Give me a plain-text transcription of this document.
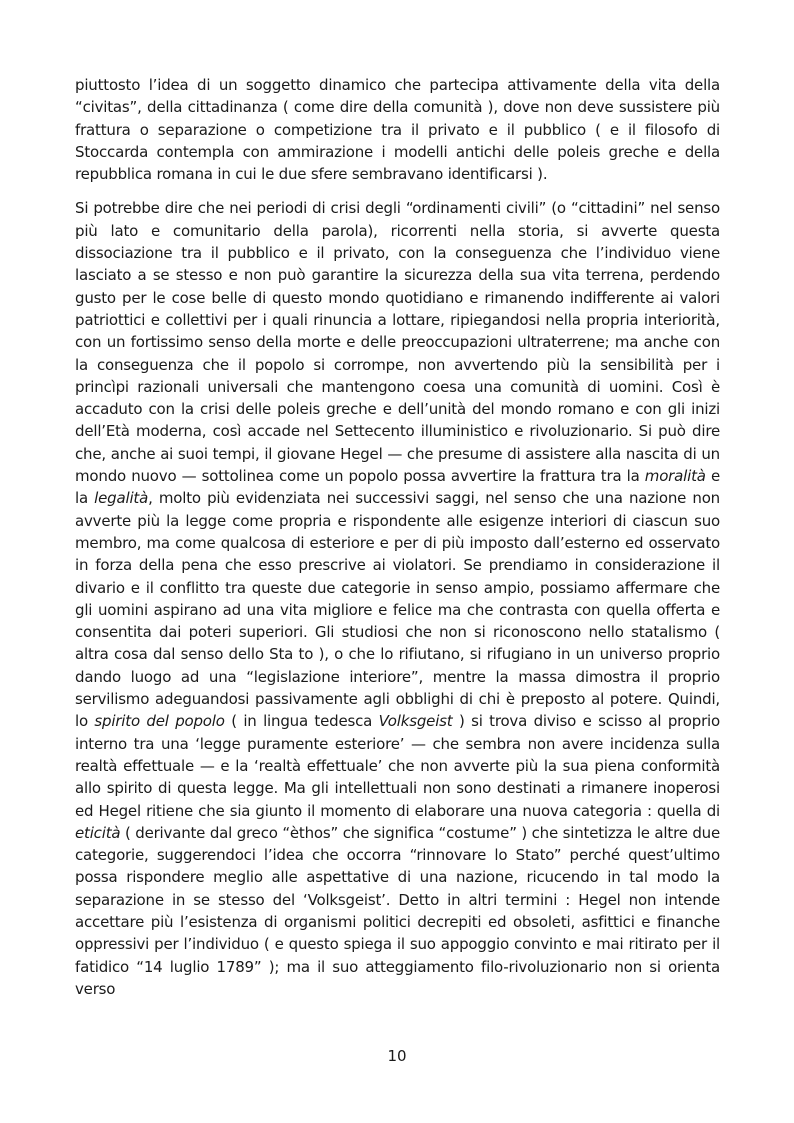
piuttosto l’idea di un soggetto dinamico che partecipa attivamente della vita della “civitas”, della cittadinanza ( come dire della comunità ), dove non deve sussistere più frattura o separazione o competizione tra il privato e il pubblico ( e il filosofo di Stoccarda contempla con ammirazione i modelli antichi delle poleis greche e della repubblica romana in cui le due sfere sembravano identificarsi ).

Si potrebbe dire che nei periodi di crisi degli “ordinamenti civili” (o “cittadini” nel senso più lato e comunitario della parola), ricorrenti nella storia, si avverte questa dissociazione tra il pubblico e il privato, con la conseguenza che l’individuo viene lasciato a se stesso e non può garantire la sicurezza della sua vita terrena, perdendo gusto per le cose belle di questo mondo quotidiano e rimanendo indifferente ai valori patriottici e collettivi per i quali rinuncia a lottare, ripiegandosi nella propria interiorità, con un fortissimo senso della morte e delle preoccupazioni ultraterrene; ma anche con la conseguenza che il popolo si corrompe, non avvertendo più la sensibilità per i princìpi razionali universali che mantengono coesa una comunità di uomini. Così è accaduto con la crisi delle poleis greche e dell’unità del mondo romano e con gli inizi dell’Età moderna, così accade nel Settecento illuministico e rivoluzionario. Si può dire che, anche ai suoi tempi, il giovane Hegel — che presume di assistere alla nascita di un mondo nuovo — sottolinea come un popolo possa avvertire la frattura tra la moralità e la legalità, molto più evidenziata nei successivi saggi, nel senso che una nazione non avverte più la legge come propria e rispondente alle esigenze interiori di ciascun suo membro, ma come qualcosa di esteriore e per di più imposto dall’esterno ed osservato in forza della pena che esso prescrive ai violatori. Se prendiamo in considerazione il divario e il conflitto tra queste due categorie in senso ampio, possiamo affermare che gli uomini aspirano ad una vita migliore e felice ma che contrasta con quella offerta e consentita dai poteri superiori. Gli studiosi che non si riconoscono nello statalismo ( altra cosa dal senso dello Sta to ), o che lo rifiutano, si rifugiano in un universo proprio dando luogo ad una “legislazione interiore”, mentre la massa dimostra il proprio servilismo adeguandosi passivamente agli obblighi di chi è preposto al potere. Quindi, lo spirito del popolo ( in lingua tedesca Volksgeist ) si trova diviso e scisso al proprio interno tra una ‘legge puramente esteriore’ — che sembra non avere incidenza sulla realtà effettuale — e la ‘realtà effettuale’ che non avverte più la sua piena conformità allo spirito di questa legge. Ma gli intellettuali non sono destinati a rimanere inoperosi ed Hegel ritiene che sia giunto il momento di elaborare una nuova categoria : quella di eticità ( derivante dal greco “èthos” che significa “costume” ) che sintetizza le altre due categorie, suggerendoci l’idea che occorra “rinnovare lo Stato” perché quest’ultimo possa rispondere meglio alle aspettative di una nazione, ricucendo in tal modo la separazione in se stesso del ‘Volksgeist’. Detto in altri termini : Hegel non intende accettare più l’esistenza di organismi politici decrepiti ed obsoleti, asfittici e finanche oppressivi per l’individuo ( e questo spiega il suo appoggio convinto e mai ritirato per il fatidico “14 luglio 1789” ); ma il suo atteggiamento filo-rivoluzionario non si orienta verso

10
